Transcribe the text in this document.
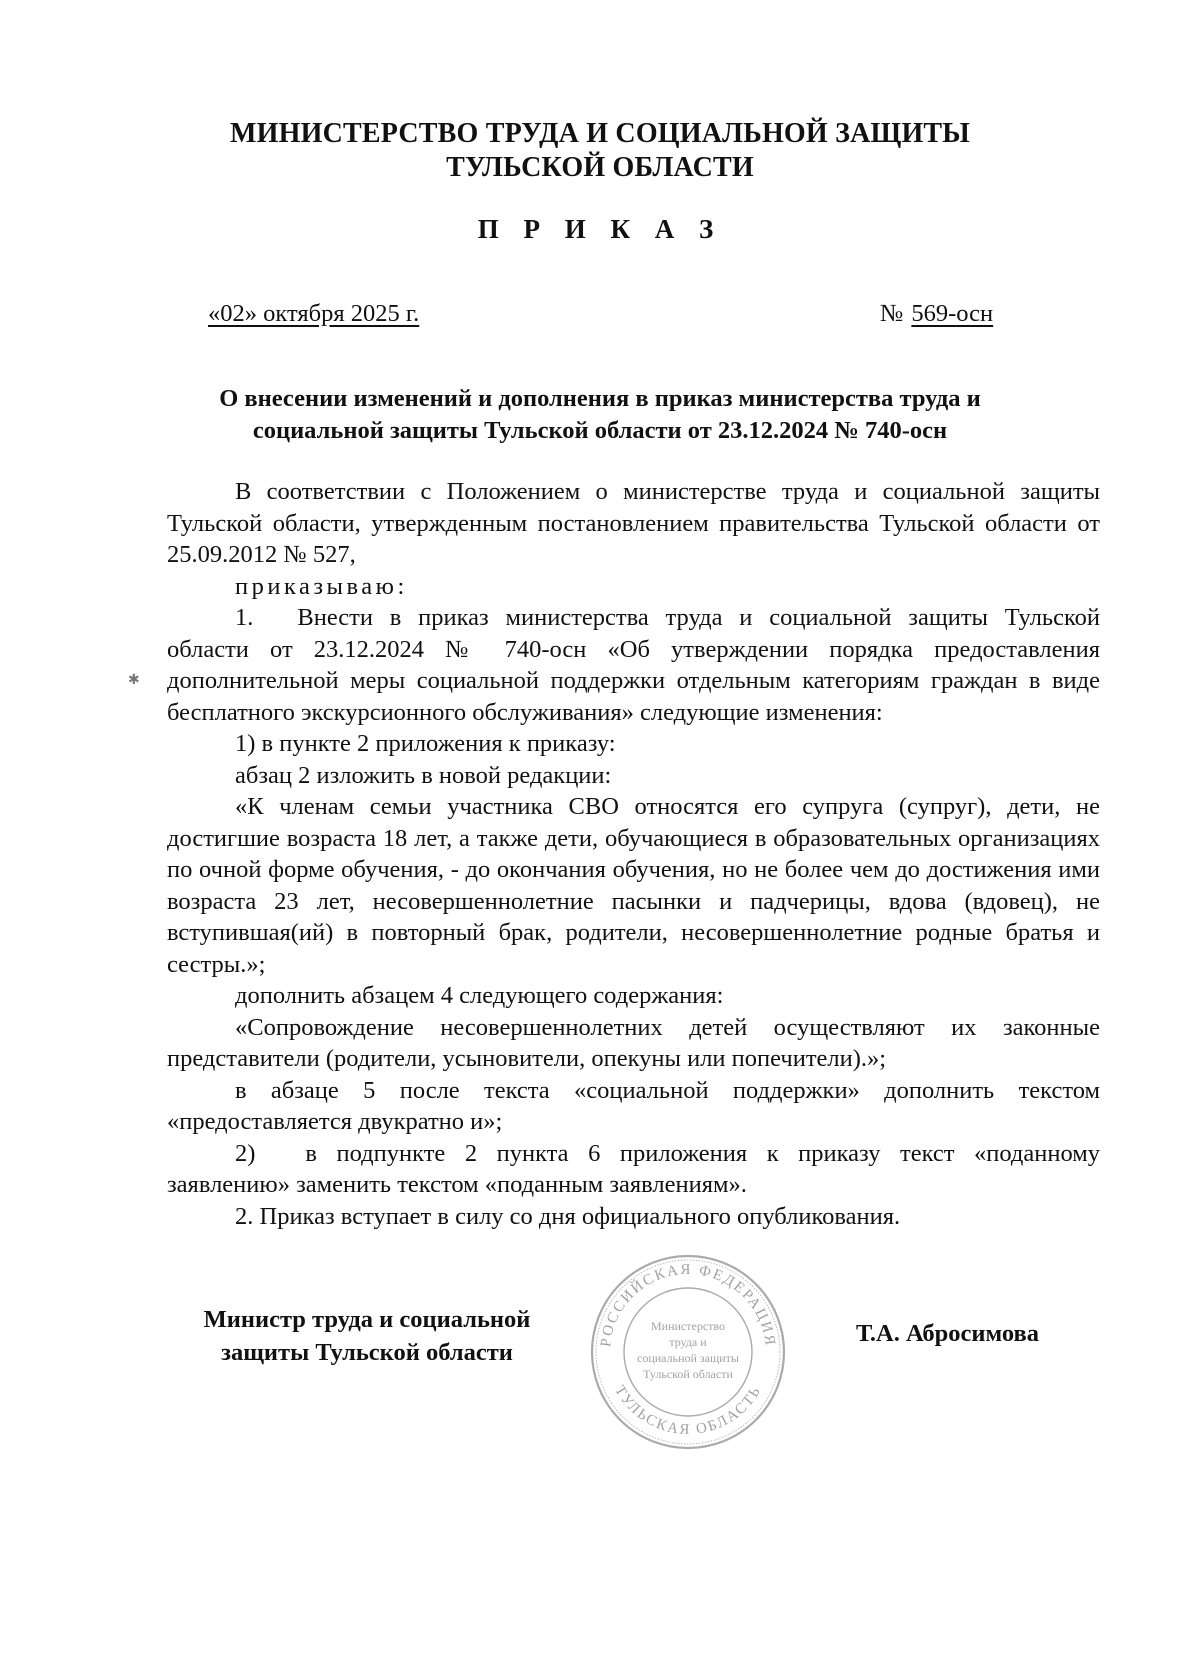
МИНИСТЕРСТВО ТРУДА И СОЦИАЛЬНОЙ ЗАЩИТЫ
ТУЛЬСКОЙ ОБЛАСТИ
П Р И К А З
«02» октября 2025 г.	№ 569-осн
О внесении изменений и дополнения в приказ министерства труда и
социальной защиты Тульской области от 23.12.2024 № 740-осн

В соответствии с Положением о министерстве труда и социальной защиты Тульской области, утвержденным постановлением правительства Тульской области от 25.09.2012 № 527,

приказываю:

1. Внести в приказ министерства труда и социальной защиты Тульской области от 23.12.2024 № 740-осн «Об утверждении порядка предоставления дополнительной меры социальной поддержки отдельным категориям граждан в виде бесплатного экскурсионного обслуживания» следующие изменения:

1) в пункте 2 приложения к приказу:

абзац 2 изложить в новой редакции:

«К членам семьи участника СВО относятся его супруга (супруг), дети, не достигшие возраста 18 лет, а также дети, обучающиеся в образовательных организациях по очной форме обучения, - до окончания обучения, но не более чем до достижения ими возраста 23 лет, несовершеннолетние пасынки и падчерицы, вдова (вдовец), не вступившая(ий) в повторный брак, родители, несовершеннолетние родные братья и сестры.»;

дополнить абзацем 4 следующего содержания:

«Сопровождение несовершеннолетних детей осуществляют их законные представители (родители, усыновители, опекуны или попечители).»;

в абзаце 5 после текста «социальной поддержки» дополнить текстом «предоставляется двукратно и»;

2) в подпункте 2 пункта 6 приложения к приказу текст «поданному заявлению» заменить текстом «поданным заявлениям».

2. Приказ вступает в силу со дня официального опубликования.

✱
Министр труда и социальной
защиты Тульской области	РОССИЙСКАЯ ФЕДЕРАЦИЯ
ТУЛЬСКАЯ ОБЛАСТЬ
Министерство
труда и
социальной защиты
Тульской области
Т.А. Абросимова
